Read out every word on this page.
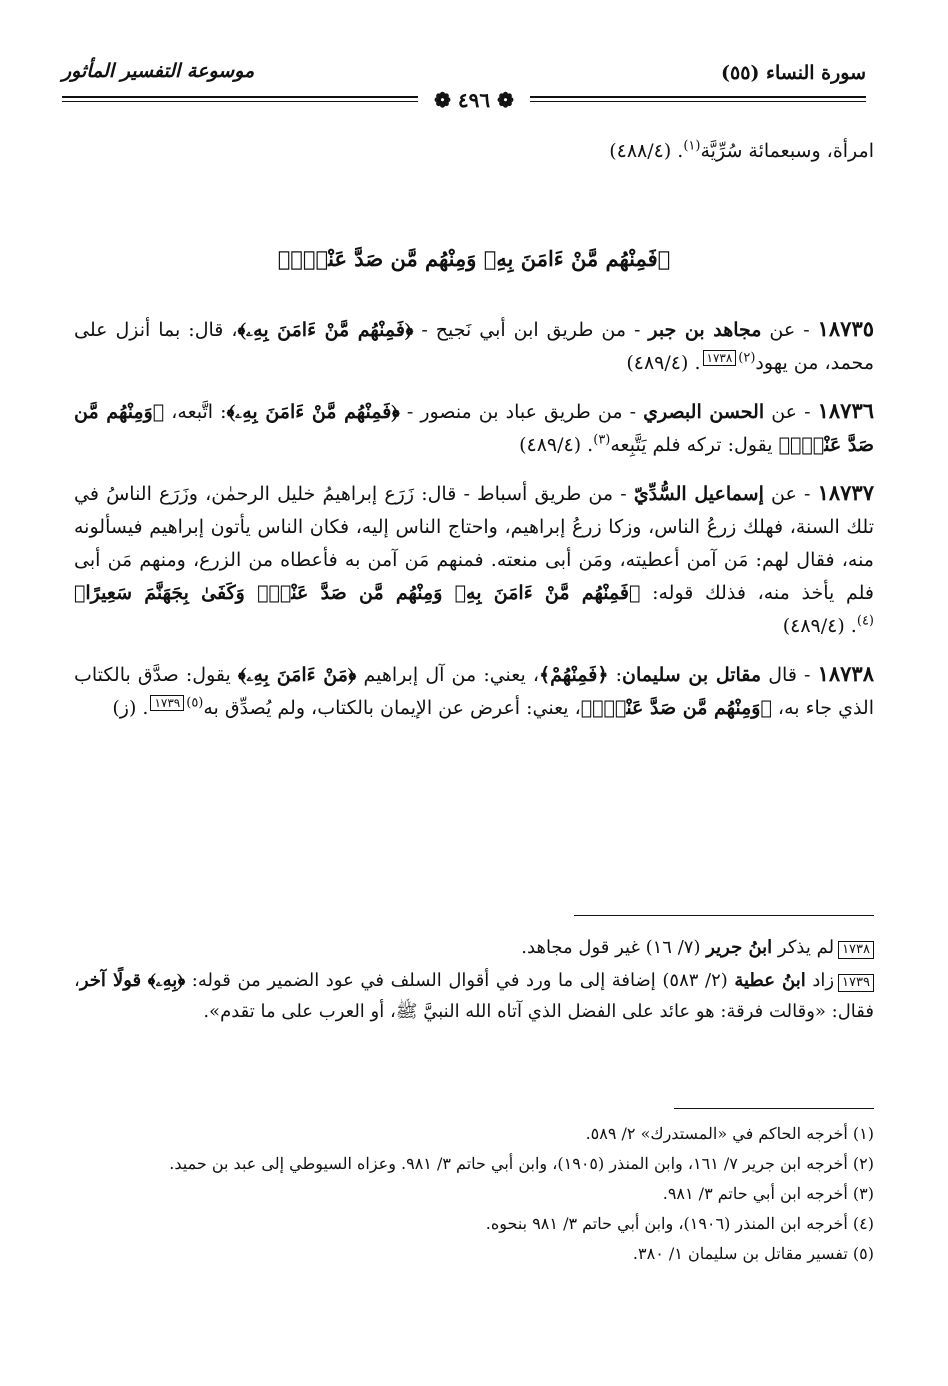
سورة النساء (٥٥)
موسوعة التفسير المأثور
❁ ٤٩٦ ❁
امرأة، وسبعمائة سُرِّيَّة$^{(١)}$. (٤٨٨/٤)
﴿فَمِنْهُم مَّنْ ءَامَنَ بِهِۦ وَمِنْهُم مَّن صَدَّ عَنْهُۚ﴾

١٨٧٣٥ - عن مجاهد بن جبر - من طريق ابن أبي نَجيح - ﴿فَمِنْهُم مَّنْ ءَامَنَ بِهِۦ﴾، قال: بما أنزل على محمد، من يهود$^{(٢)}$١٧٣٨. (٤٨٩/٤)

١٨٧٣٦ - عن الحسن البصري - من طريق عباد بن منصور - ﴿فَمِنْهُم مَّنْ ءَامَنَ بِهِۦ﴾: اتَّبعه، ﴿وَمِنْهُم مَّن صَدَّ عَنْهُۚ﴾ يقول: تركه فلم يَتَّبِعه$^{(٣)}$. (٤٨٩/٤)

١٨٧٣٧ - عن إسماعيل السُّدِّيّ - من طريق أسباط - قال: زَرَع إبراهيمُ خليل الرحمٰن، وزَرَع الناسُ في تلك السنة، فهلك زرعُ الناس، وزكا زرعُ إبراهيم، واحتاج الناس إليه، فكان الناس يأتون إبراهيم فيسألونه منه، فقال لهم: مَن آمن أعطيته، ومَن أبى منعته. فمنهم مَن آمن به فأعطاه من الزرع، ومنهم مَن أبى فلم يأخذ منه، فذلك قوله: ﴿فَمِنْهُم مَّنْ ءَامَنَ بِهِۦ وَمِنْهُم مَّن صَدَّ عَنْهُۚ وَكَفَىٰ بِجَهَنَّمَ سَعِيرًا﴾$^{(٤)}$. (٤٨٩/٤)

١٨٧٣٨ - قال مقاتل بن سليمان: ﴿فَمِنْهُمْ﴾، يعني: من آل إبراهيم ﴿مَنْ ءَامَنَ بِهِۦ﴾ يقول: صدَّق بالكتاب الذي جاء به، ﴿وَمِنْهُم مَّن صَدَّ عَنْهُۚ﴾، يعني: أعرض عن الإيمان بالكتاب، ولم يُصدِّق به$^{(٥)}$١٧٣٩. (ز)

١٧٣٨لم يذكر ابنُ جرير (٧/ ١٦) غير قول مجاهد.

١٧٣٩زاد ابنُ عطية (٢/ ٥٨٣) إضافة إلى ما ورد في أقوال السلف في عود الضمير من قوله: ﴿بِهِۦ﴾ قولًا آخر، فقال: «وقالت فرقة: هو عائد على الفضل الذي آتاه الله النبيَّ ﷺ، أو العرب على ما تقدم».

(١) أخرجه الحاكم في «المستدرك» ٢/ ٥٨٩.

(٢) أخرجه ابن جرير ٧/ ١٦١، وابن المنذر (١٩٠٥)، وابن أبي حاتم ٣/ ٩٨١. وعزاه السيوطي إلى عبد بن حميد.

(٣) أخرجه ابن أبي حاتم ٣/ ٩٨١.

(٤) أخرجه ابن المنذر (١٩٠٦)، وابن أبي حاتم ٣/ ٩٨١ بنحوه.

(٥) تفسير مقاتل بن سليمان ١/ ٣٨٠.
